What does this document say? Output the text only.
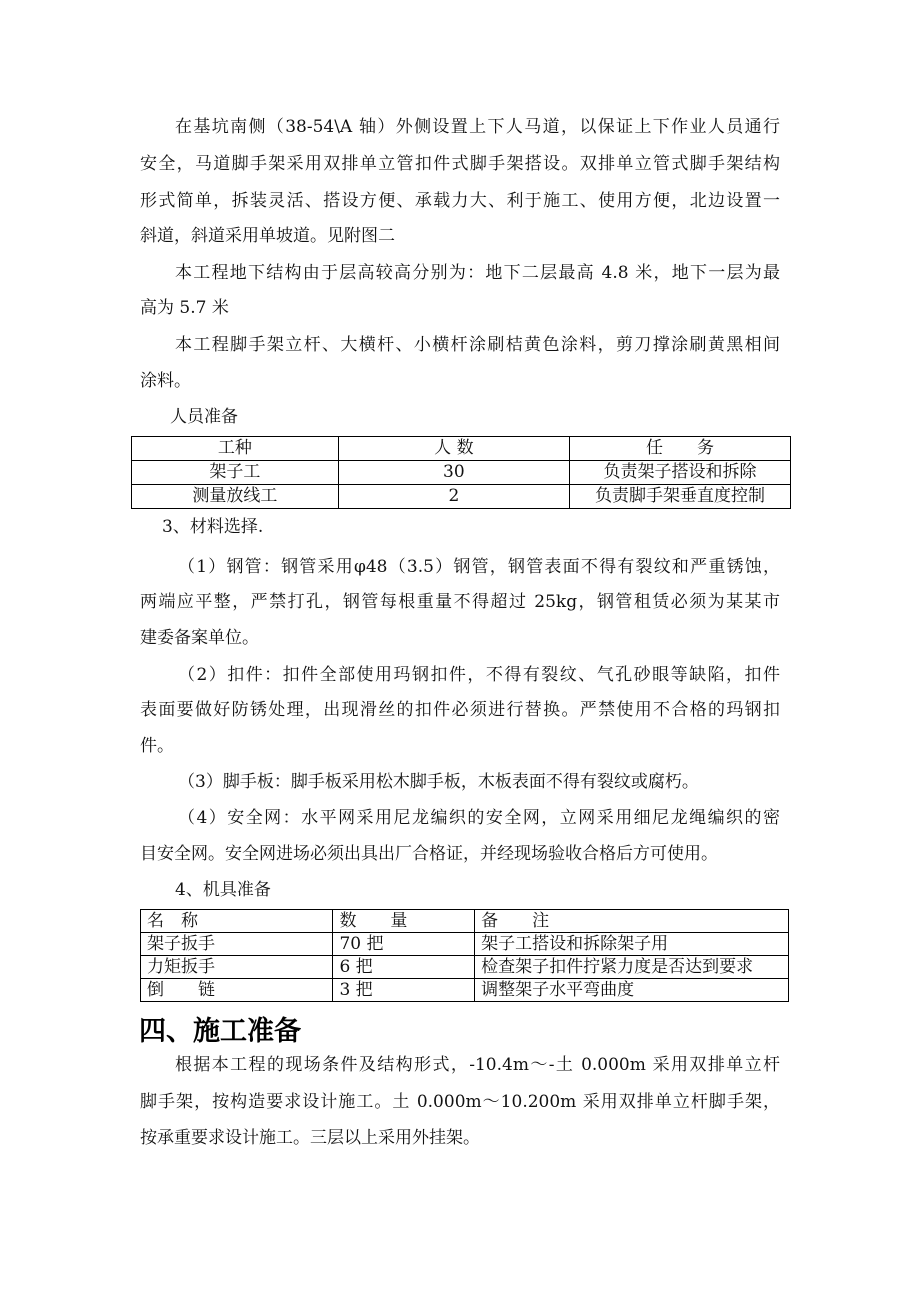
在基坑南侧（38-54\A 轴）外侧设置上下人马道，以保证上下作业人员通行
安全，马道脚手架采用双排单立管扣件式脚手架搭设。双排单立管式脚手架结构
形式简单，拆装灵活、搭设方便、承载力大、利于施工、使用方便，北边设置一
斜道，斜道采用单坡道。见附图二
本工程地下结构由于层高较高分别为：地下二层最高 4.8 米，地下一层为最
高为 5.7 米
本工程脚手架立杆、大横杆、小横杆涂刷桔黄色涂料，剪刀撑涂刷黄黑相间
涂料。
人员准备
工种	人 数	任　　务
架子工	30	负责架子搭设和拆除
测量放线工	2	负责脚手架垂直度控制
3、材料选择.
（1）钢管：钢管采用φ48（3.5）钢管，钢管表面不得有裂纹和严重锈蚀，
两端应平整，严禁打孔，钢管每根重量不得超过 25kg，钢管租赁必须为某某市
建委备案单位。
（2）扣件：扣件全部使用玛钢扣件，不得有裂纹、气孔砂眼等缺陷，扣件
表面要做好防锈处理，出现滑丝的扣件必须进行替换。严禁使用不合格的玛钢扣
件。
（3）脚手板：脚手板采用松木脚手板，木板表面不得有裂纹或腐朽。
（4）安全网：水平网采用尼龙编织的安全网，立网采用细尼龙绳编织的密
目安全网。安全网进场必须出具出厂合格证，并经现场验收合格后方可使用。
4、机具准备
名　称	数　　量	备　　注
架子扳手	70 把	架子工搭设和拆除架子用
力矩扳手	6 把	检查架子扣件拧紧力度是否达到要求
倒　　链	3 把	调整架子水平弯曲度
四、施工准备
根据本工程的现场条件及结构形式，-10.4m～-土 0.000m 采用双排单立杆
脚手架，按构造要求设计施工。土 0.000m～10.200m 采用双排单立杆脚手架，
按承重要求设计施工。三层以上采用外挂架。
